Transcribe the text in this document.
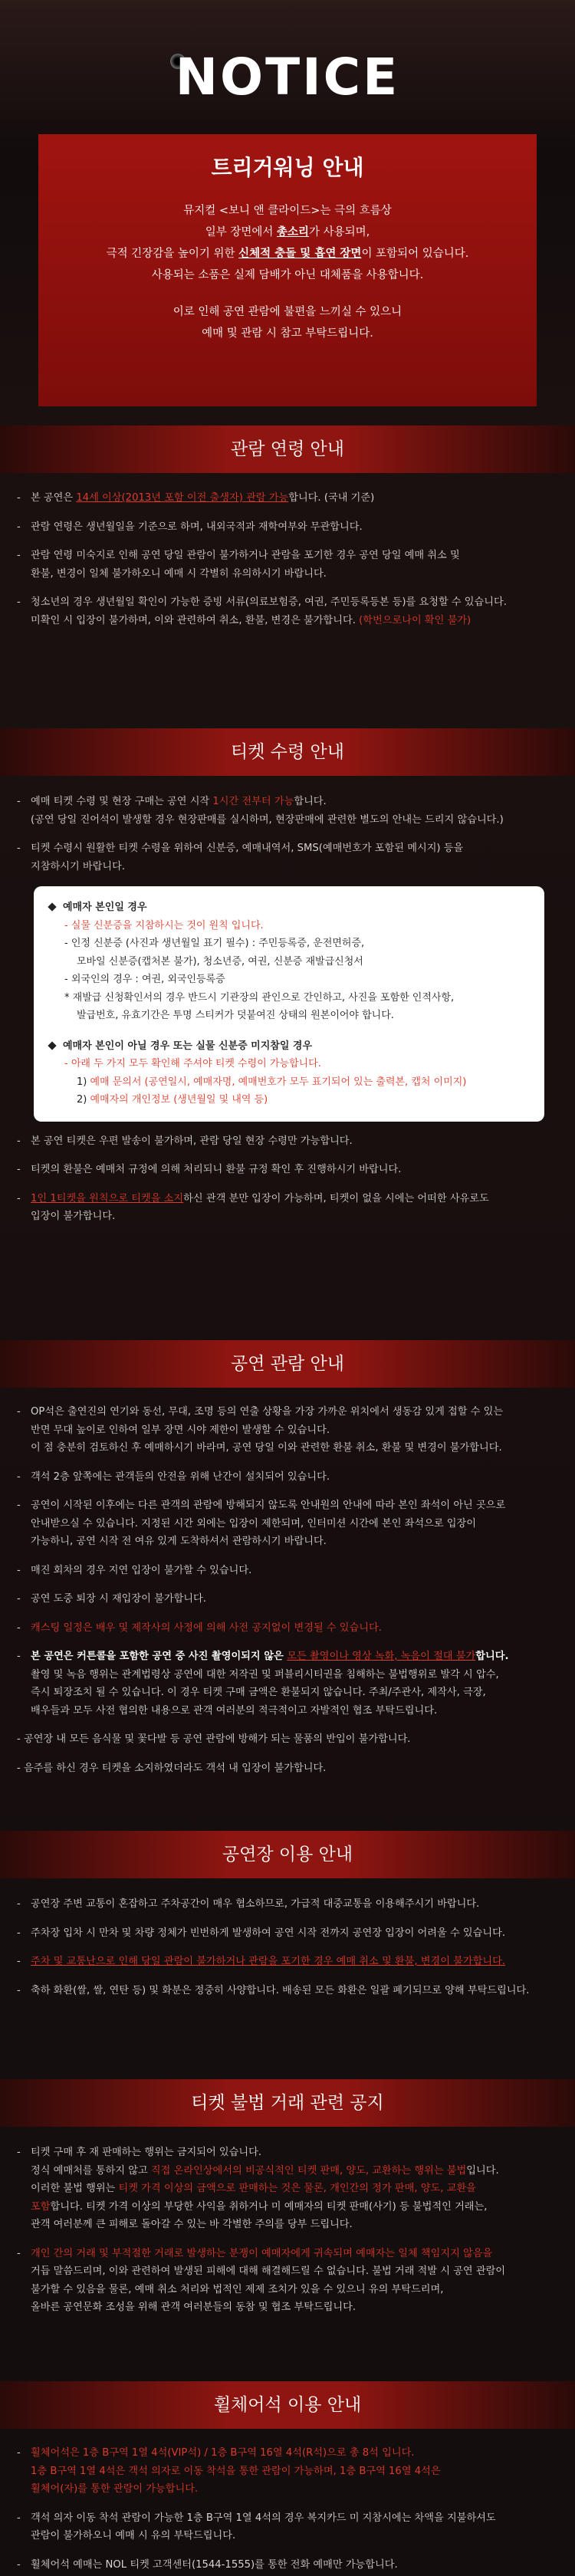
NOTICE
트리거워닝 안내
뮤지컬 <보니 앤 클라이드>는 극의 흐름상
일부 장면에서 총소리가 사용되며,
극적 긴장감을 높이기 위한 신체적 충돌 및 흡연 장면이 포함되어 있습니다.
사용되는 소품은 실제 담배가 아닌 대체품을 사용합니다.
이로 인해 공연 관람에 불편을 느끼실 수 있으니
예매 및 관람 시 참고 부탁드립니다.
관람 연령 안내

- 본 공연은 14세 이상(2013년 포함 이전 출생자) 관람 가능합니다. (국내 기준)

- 관람 연령은 생년월일을 기준으로 하며, 내외국적과 재학여부와 무관합니다.

- 관람 연령 미숙지로 인해 공연 당일 관람이 불가하거나 관람을 포기한 경우 공연 당일 예매 취소 및

환불, 변경이 일체 불가하오니 예매 시 각별히 유의하시기 바랍니다.

- 청소년의 경우 생년월일 확인이 가능한 증빙 서류(의료보험증, 여권, 주민등록등본 등)를 요청할 수 있습니다.

미확인 시 입장이 불가하며, 이와 관련하여 취소, 환불, 변경은 불가합니다. (학번으로나이 확인 불가)

티켓 수령 안내

- 예매 티켓 수령 및 현장 구매는 공연 시작 1시간 전부터 가능합니다.

(공연 당일 진어석이 발생할 경우 현장판매를 실시하며, 현장판매에 관련한 별도의 안내는 드리지 않습니다.)

- 티켓 수령시 원활한 티켓 수령을 위하여 신분증, 예매내역서, SMS(예매번호가 포함된 메시지) 등을

지참하시기 바랍니다.

예매자 본인일 경우

- 실물 신분증을 지참하시는 것이 원칙 입니다.

- 인정 신분증 (사진과 생년월일 표기 필수) : 주민등록증, 운전면허증,

모바일 신분증(캡처본 불가), 청소년증, 여권, 신분증 재발급신청서

- 외국인의 경우 : 여권, 외국인등록증

* 재발급 신청확인서의 경우 반드시 기관장의 관인으로 간인하고, 사진을 포함한 인적사항,

발급번호, 유효기간은 투명 스티커가 덧붙여진 상태의 원본이어야 합니다.

예매자 본인이 아닐 경우 또는 실물 신분증 미지참일 경우

- 아래 두 가지 모두 확인해 주셔야 티켓 수령이 가능합니다.

1) 예매 문의서 (공연일시, 예매자명, 예매번호가 모두 표기되어 있는 출력본, 캡처 이미지)

2) 예매자의 개인정보 (생년월일 및 내역 등)

- 본 공연 티켓은 우편 발송이 불가하며, 관람 당일 현장 수령만 가능합니다.

- 티켓의 환불은 예매처 규정에 의해 처리되니 환불 규정 확인 후 진행하시기 바랍니다.

- 1인 1티켓을 원칙으로 티켓을 소지하신 관객 분만 입장이 가능하며, 티켓이 없을 시에는 어떠한 사유로도

입장이 불가합니다.

공연 관람 안내

- OP석은 출연진의 연기와 동선, 무대, 조명 등의 연출 상황을 가장 가까운 위치에서 생동감 있게 접할 수 있는

반면 무대 높이로 인하여 일부 장면 시야 제한이 발생할 수 있습니다.

이 점 충분히 검토하신 후 예매하시기 바라며, 공연 당일 이와 관련한 환불 취소, 환불 및 변경이 불가합니다.

- 객석 2층 앞쪽에는 관객들의 안전을 위해 난간이 설치되어 있습니다.

- 공연이 시작된 이후에는 다른 관객의 관람에 방해되지 않도록 안내원의 안내에 따라 본인 좌석이 아닌 곳으로

안내받으실 수 있습니다. 지정된 시간 외에는 입장이 제한되며, 인터미션 시간에 본인 좌석으로 입장이

가능하니, 공연 시작 전 여유 있게 도착하셔서 관람하시기 바랍니다.

- 매진 회차의 경우 지연 입장이 불가할 수 있습니다.

- 공연 도중 퇴장 시 재입장이 불가합니다.

- 캐스팅 일정은 배우 및 제작사의 사정에 의해 사전 공지없이 변경될 수 있습니다.

- 본 공연은 커튼콜을 포함한 공연 중 사진 촬영이되지 않은 모든 촬영이나 영상 녹화, 녹음이 절대 불가합니다.

촬영 및 녹음 행위는 관계법령상 공연에 대한 저작권 및 퍼블리시티권을 침해하는 불법행위로 발각 시 압수,

즉시 퇴장조치 될 수 있습니다. 이 경우 티켓 구매 금액은 환불되지 않습니다. 주최/주관사, 제작사, 극장,

배우들과 모두 사전 협의한 내용으로 관객 여러분의 적극적이고 자발적인 협조 부탁드립니다.

- 공연장 내 모든 음식물 및 꽃다발 등 공연 관람에 방해가 되는 물품의 반입이 불가합니다.

- 음주를 하신 경우 티켓을 소지하였더라도 객석 내 입장이 불가합니다.

공연장 이용 안내

- 공연장 주변 교통이 혼잡하고 주차공간이 매우 협소하므로, 가급적 대중교통을 이용해주시기 바랍니다.

- 주차장 입차 시 만차 및 차량 정체가 빈번하게 발생하여 공연 시작 전까지 공연장 입장이 어려울 수 있습니다.

- 주차 및 교통난으로 인해 당일 관람이 불가하거나 관람을 포기한 경우 예매 취소 및 환불, 변경이 불가합니다.

- 축하 화환(쌀, 쌀, 연탄 등) 및 화분은 정중히 사양합니다. 배송된 모든 화환은 일괄 폐기되므로 양해 부탁드립니다.

티켓 불법 거래 관련 공지

- 티켓 구매 후 재 판매하는 행위는 금지되어 있습니다.

정식 예매처를 통하지 않고 직접 온라인상에서의 비공식적인 티켓 판매, 양도, 교환하는 행위는 불법입니다.

이러한 불법 행위는 티켓 가격 이상의 금액으로 판매하는 것은 물론, 개인간의 정가 판매, 양도, 교환을

포함합니다. 티켓 가격 이상의 부당한 사익을 취하거나 미 예매자의 티켓 판매(사기) 등 불법적인 거래는,

관객 여러분께 큰 피해로 돌아갈 수 있는 바 각별한 주의를 당부 드립니다.

- 개인 간의 거래 및 부적절한 거래로 발생하는 분쟁이 예매자에게 귀속되며 예매자는 일체 책임지지 않음을

거듭 말씀드리며, 이와 관련하여 발생된 피해에 대해 해결해드릴 수 없습니다. 불법 거래 적발 시 공연 관람이

불가할 수 있음을 물론, 예매 취소 처리와 법적인 제제 조치가 있을 수 있으니 유의 부탁드리며,

올바른 공연문화 조성을 위해 관객 여러분들의 동참 및 협조 부탁드립니다.

휠체어석 이용 안내

- 휠체어석은 1층 B구역 1열 4석(VIP석) / 1층 B구역 16열 4석(R석)으로 총 8석 입니다.

1층 B구역 1열 4석은 객석 의자로 이동 착석을 통한 관람이 가능하며, 1층 B구역 16열 4석은

휠체어(자)를 통한 관람이 가능합니다.

- 객석 의자 이동 착석 관람이 가능한 1층 B구역 1열 4석의 경우 복지카드 미 지참시에는 차액을 지불하셔도

관람이 불가하오니 예매 시 유의 부탁드립니다.

- 휠체어석 예매는 NOL 티켓 고객센터(1544-1555)를 통한 전화 예매만 가능합니다.
